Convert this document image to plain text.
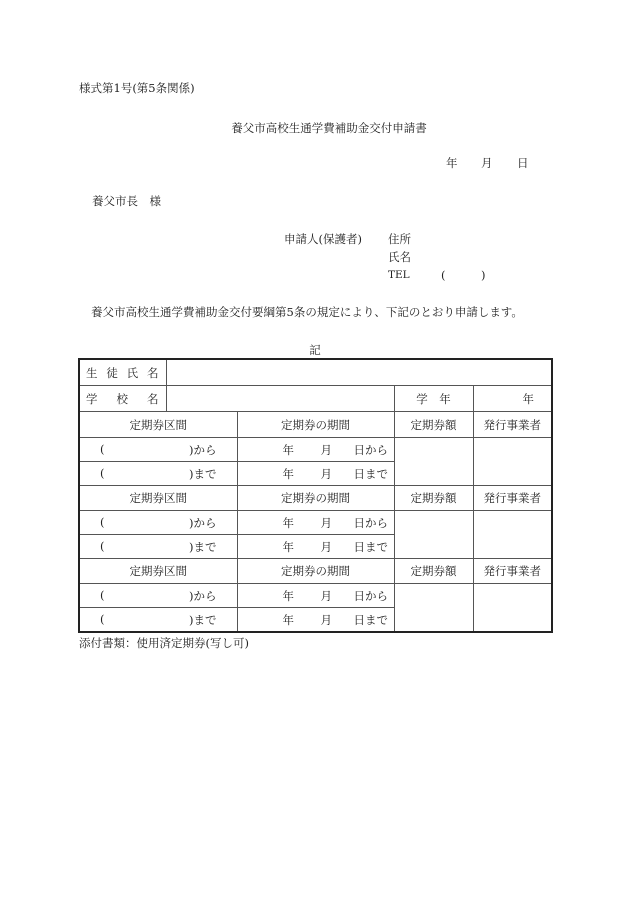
様式第1号(第5条関係)
養父市高校生通学費補助金交付申請書
年 月 日
養父市長　様
申請人(保護者) 住所
氏名
TEL	(	)
養父市高校生通学費補助金交付要綱第5条の規定により、下記のとおり申請します。
記
生 徒 氏 名				

学 校 名			学　年	年
定期券区間		定期券の期間	定期券額	発行事業者

( )から		年 月 日から		

( )まで		年 月 日まで		

定期券区間		定期券の期間	定期券額	発行事業者

( )から		年 月 日から		

( )まで		年 月 日まで		

定期券区間		定期券の期間	定期券額	発行事業者

( )から		年 月 日から		

( )まで		年 月 日まで		
添付書類：使用済定期券(写し可)
